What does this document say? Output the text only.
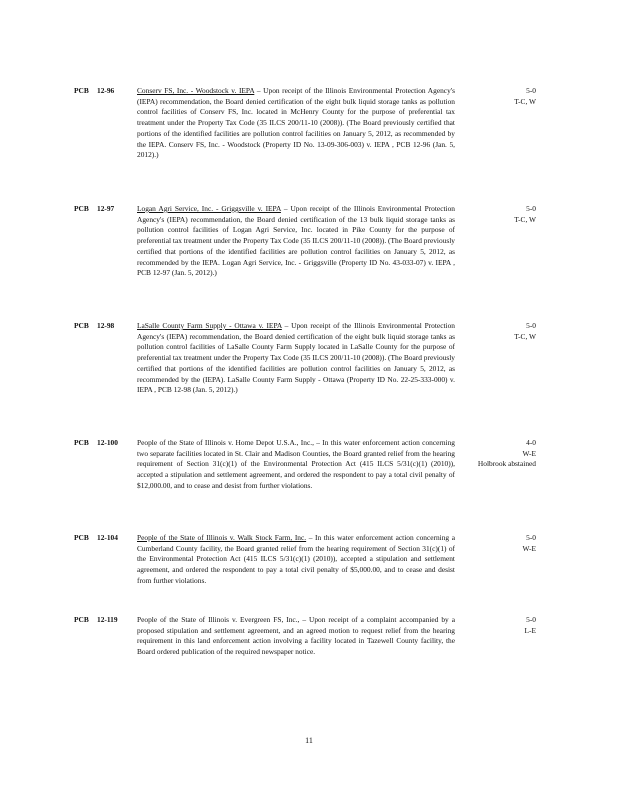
PCB 12-96	Conserv FS, Inc. - Woodstock v. IEPA – Upon receipt of the Illinois Environmental Protection Agency's (IEPA) recommendation, the Board denied certification of the eight bulk liquid storage tanks as pollution control facilities of Conserv FS, Inc. located in McHenry County for the purpose of preferential tax treatment under the Property Tax Code (35 ILCS 200/11-10 (2008)). (The Board previously certified that portions of the identified facilities are pollution control facilities on January 5, 2012, as recommended by the IEPA. Conserv FS, Inc. - Woodstock (Property ID No. 13-09-306-003) v. IEPA , PCB 12-96 (Jan. 5, 2012).)
5-0
T-C, W
PCB 12-97	Logan Agri Service, Inc. - Griggsville v. IEPA – Upon receipt of the Illinois Environmental Protection Agency's (IEPA) recommendation, the Board denied certification of the 13 bulk liquid storage tanks as pollution control facilities of Logan Agri Service, Inc. located in Pike County for the purpose of preferential tax treatment under the Property Tax Code (35 ILCS 200/11-10 (2008)). (The Board previously certified that portions of the identified facilities are pollution control facilities on January 5, 2012, as recommended by the IEPA. Logan Agri Service, Inc. - Griggsville (Property ID No. 43-033-07) v. IEPA , PCB 12-97 (Jan. 5, 2012).)
5-0
T-C, W
PCB 12-98	LaSalle County Farm Supply - Ottawa v. IEPA – Upon receipt of the Illinois Environmental Protection Agency's (IEPA) recommendation, the Board denied certification of the eight bulk liquid storage tanks as pollution control facilities of LaSalle County Farm Supply located in LaSalle County for the purpose of preferential tax treatment under the Property Tax Code (35 ILCS 200/11-10 (2008)). (The Board previously certified that portions of the identified facilities are pollution control facilities on January 5, 2012, as recommended by the (IEPA). LaSalle County Farm Supply - Ottawa (Property ID No. 22-25-333-000) v. IEPA , PCB 12-98 (Jan. 5, 2012).)
5-0
T-C, W
PCB 12-100	People of the State of Illinois v. Home Depot U.S.A., Inc., – In this water enforcement action concerning two separate facilities located in St. Clair and Madison Counties, the Board granted relief from the hearing requirement of Section 31(c)(1) of the Environmental Protection Act (415 ILCS 5/31(c)(1) (2010)), accepted a stipulation and settlement agreement, and ordered the respondent to pay a total civil penalty of $12,000.00, and to cease and desist from further violations.
4-0
W-E
Holbrook abstained
PCB 12-104	People of the State of Illinois v. Walk Stock Farm, Inc. – In this water enforcement action concerning a Cumberland County facility, the Board granted relief from the hearing requirement of Section 31(c)(1) of the Environmental Protection Act (415 ILCS 5/31(c)(1) (2010)), accepted a stipulation and settlement agreement, and ordered the respondent to pay a total civil penalty of $5,000.00, and to cease and desist from further violations.
5-0
W-E
PCB 12-119	People of the State of Illinois v. Evergreen FS, Inc., – Upon receipt of a complaint accompanied by a proposed stipulation and settlement agreement, and an agreed motion to request relief from the hearing requirement in this land enforcement action involving a facility located in Tazewell County facility, the Board ordered publication of the required newspaper notice.
5-0
L-E
11
